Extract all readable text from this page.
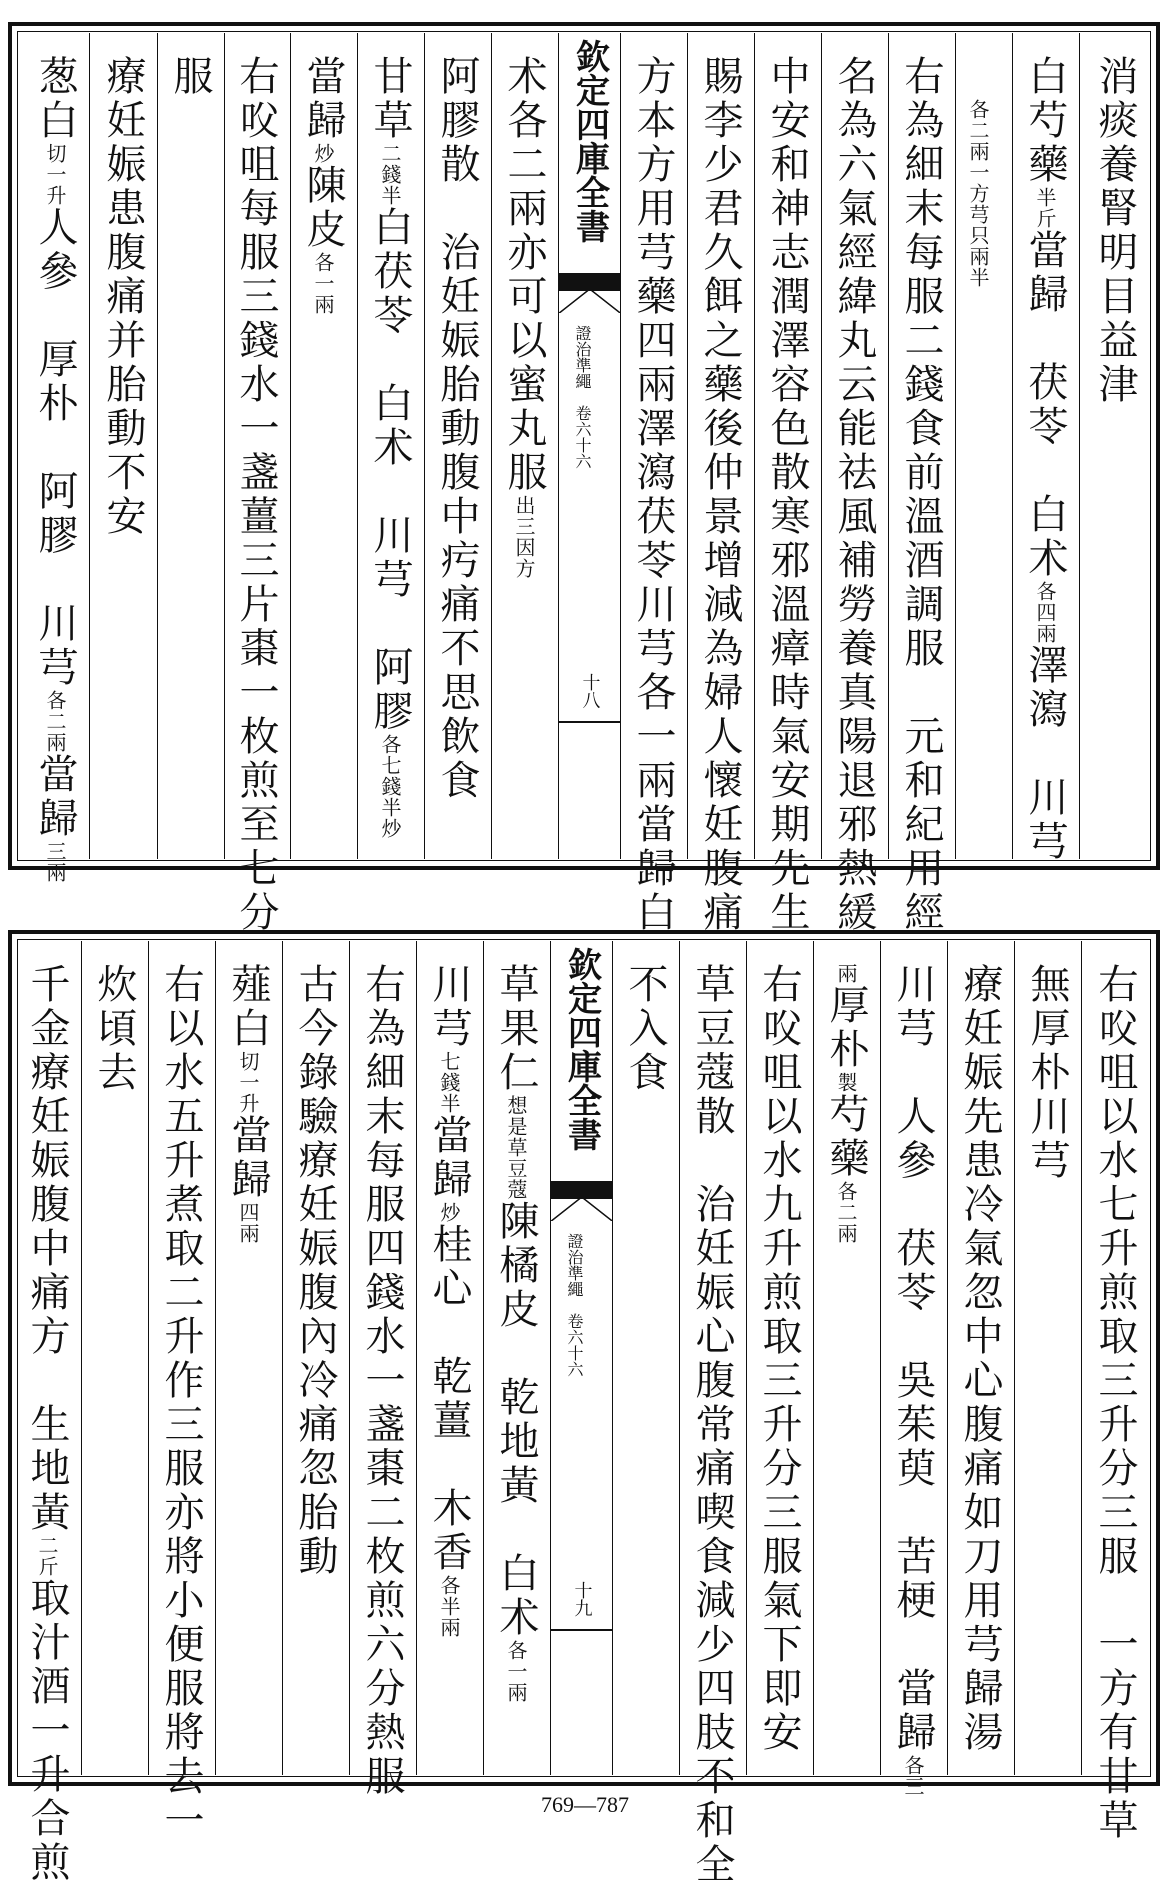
消痰養腎明目益津
白芍藥半斤當歸　茯苓　白术各四兩澤瀉　川芎
　各二兩一方芎只兩半
右為細末每服二錢食前溫酒調服　元和紀用經
名為六氣經緯丸云能祛風補勞養真陽退邪熱緩
中安和神志潤澤容色散寒邪溫瘴時氣安期先生
賜李少君久餌之藥後仲景增減為婦人懷妊腹痛
方本方用芎藥四兩澤瀉茯苓川芎各一兩當歸白
欽定四庫全書
證治準繩　卷六十六
十八
术各二兩亦可以蜜丸服出三因方
阿膠散　治妊娠胎動腹中㽲痛不思飲食
甘草二錢半白茯苓　白术　川芎　阿膠各七錢半炒
當歸炒陳皮各一兩
右㕮咀每服三錢水一盞薑三片棗一枚煎至七分
服
療妊娠患腹痛并胎動不安
葱白切一升人參　厚朴　阿膠　川芎各二兩當歸三兩
右㕮咀以水七升煎取三升分三服　一方有甘草
無厚朴川芎
療妊娠先患冷氣忽中心腹痛如刀用芎歸湯
川芎　人參　茯苓　吳茱萸　苦梗　當歸各三
兩厚朴製芍藥各二兩
右㕮咀以水九升煎取三升分三服氣下即安
草豆蔻散　治妊娠心腹常痛喫食減少四肢不和全
不入食
欽定四庫全書
證治準繩　卷六十六
十九
草果仁想是草豆蔻陳橘皮　乾地黃　白术各一兩
川芎七錢半當歸炒桂心　乾薑　木香各半兩
右為細末每服四錢水一盞棗二枚煎六分熱服
古今錄驗療妊娠腹內冷痛忽胎動
薤白切一升當歸四兩
右以水五升煮取二升作三服亦將小便服將去一
炊頃去
千金療妊娠腹中痛方　生地黃二斤取汁酒一升合煎	769—787
